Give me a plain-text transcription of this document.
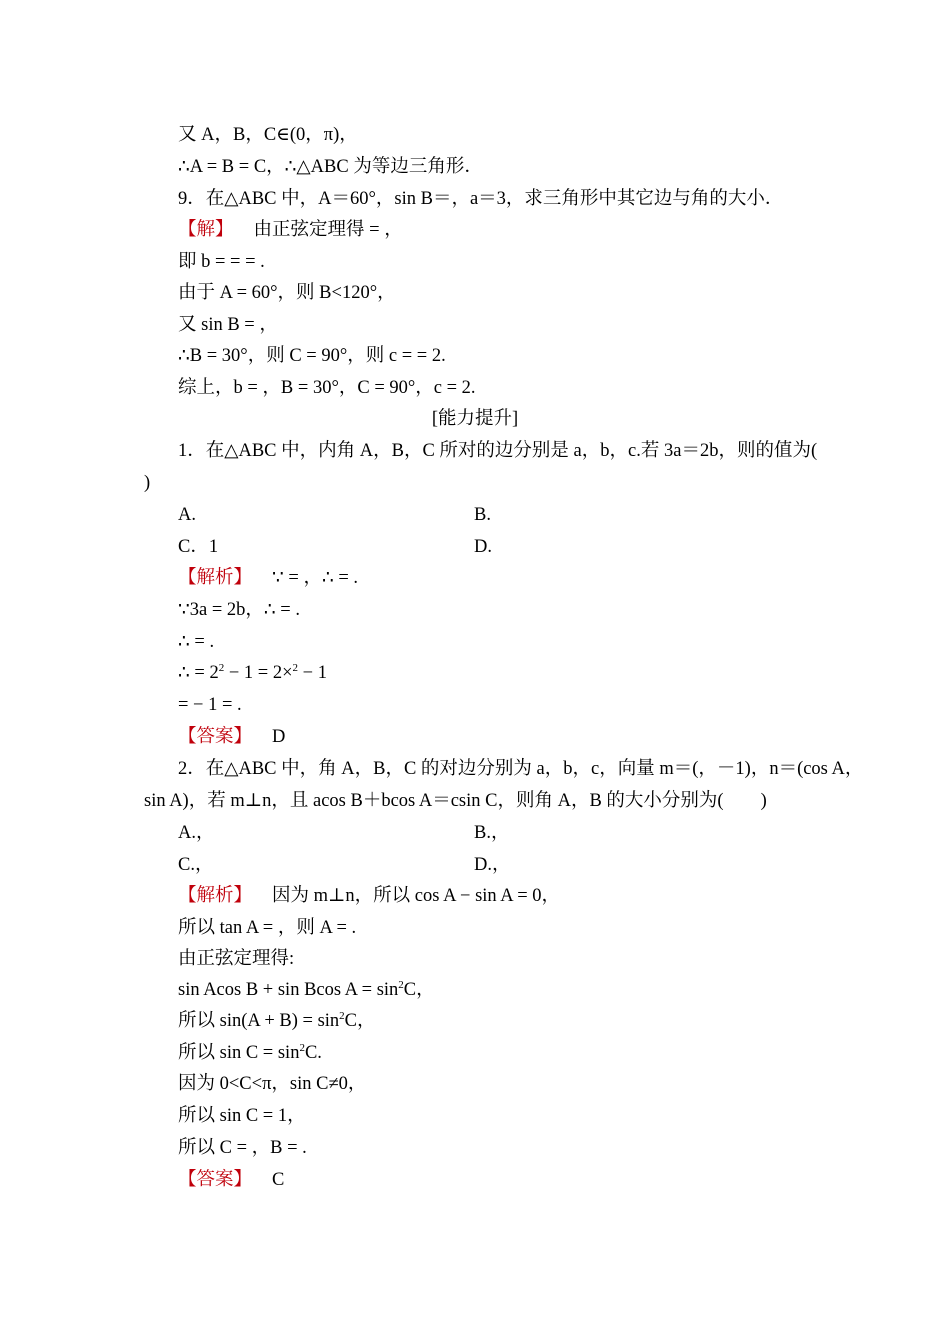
又 A，B，C∈(0，π)，
∴A = B = C，∴△ABC 为等边三角形．
9．在△ABC 中，A＝60°，sin B＝，a＝3，求三角形中其它边与角的大小．
【解】 由正弦定理得 = ，
即 b = = = .
由于 A = 60°，则 B<120°，
又 sin B = ，
∴B = 30°，则 C = 90°，则 c = = 2.
综上，b = ，B = 30°，C = 90°，c = 2.
[能力提升]
1．在△ABC 中，内角 A，B，C 所对的边分别是 a，b，c.若 3a＝2b，则的值为(
)
A.	B.
C．1	D.
【解析】 ∵ = ，∴ = .
∵3a = 2b，∴ = .
∴ = .
∴ = $2^2 - 1 = 2\times^2 - 1$
= − 1 = .
【答案】 D
2．在△ABC 中，角 A，B，C 的对边分别为 a，b，c，向量 m＝(，－1)，n＝(cos A，
sin A)，若 m⊥n，且 acos B＋bcos A＝csin C，则角 A，B 的大小分别为(　　)
A.，	B.，
C.，	D.，
【解析】 因为 m⊥n，所以 cos A − sin A = 0，
所以 tan A = ，则 A = .
由正弦定理得:
sin Acos B + sin Bcos $A = \sin^2C$，
所以 $\sin(A + B) = \sin^2C$，
所以 $\sin C = \sin^2C$.
因为 0<C<π，sin C≠0，
所以 sin C = 1，
所以 C = ，B = .
【答案】 C
